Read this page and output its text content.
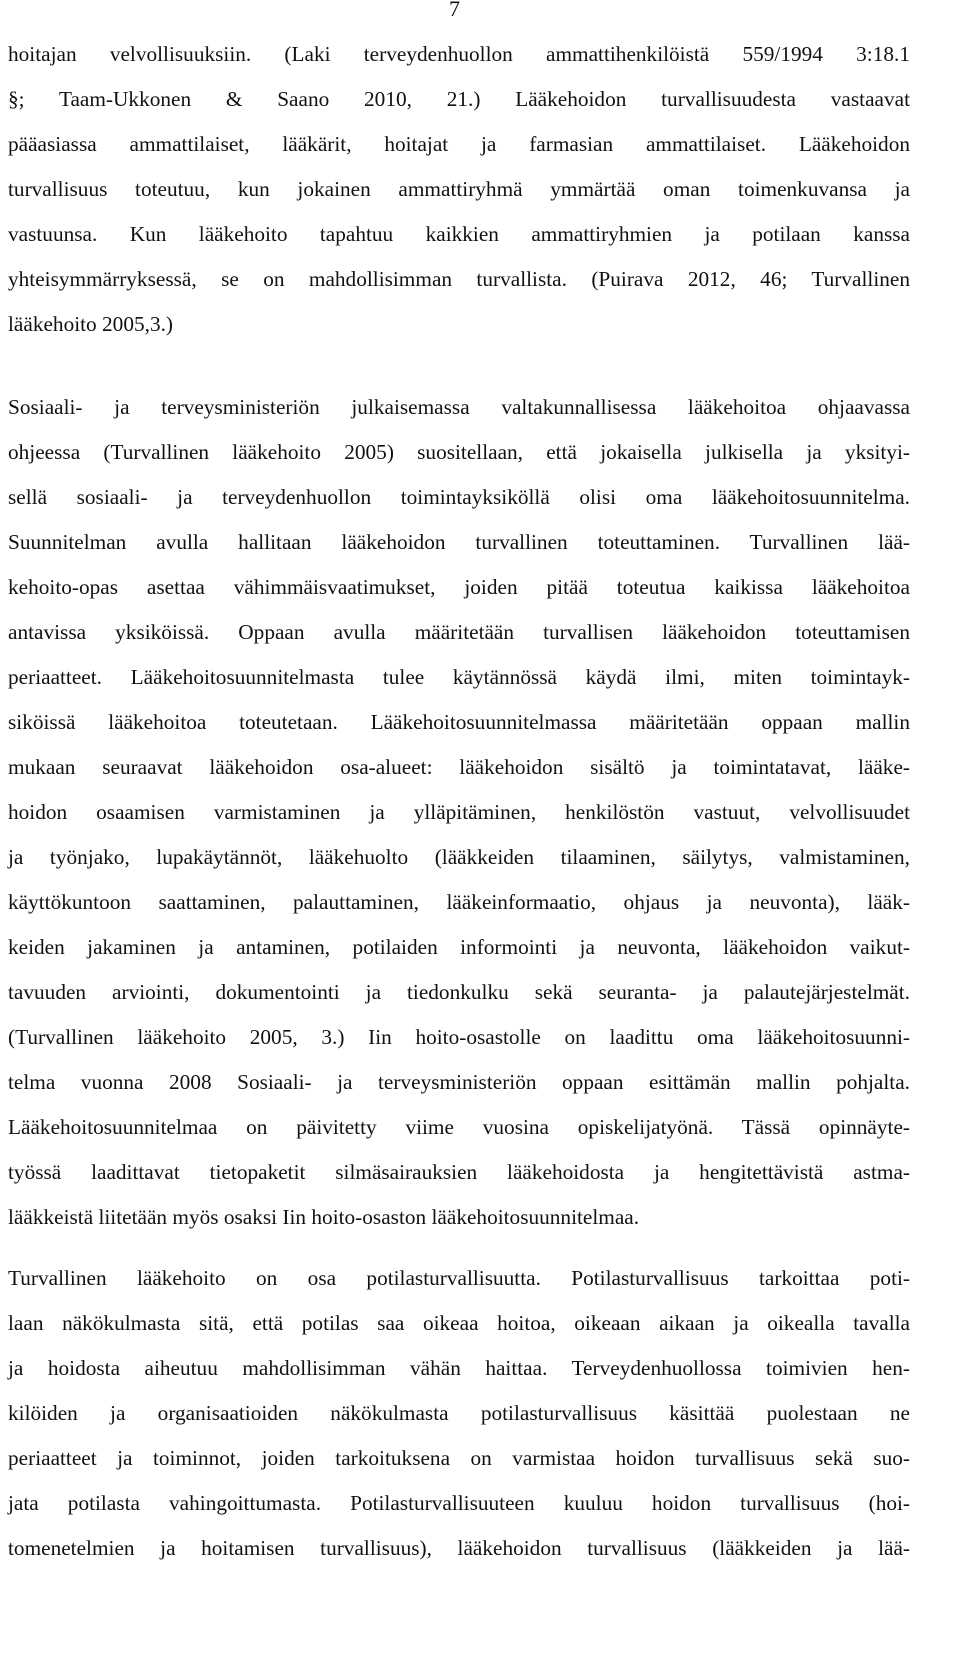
7
hoitajan velvollisuuksiin. (Laki terveydenhuollon ammattihenkilöistä 559/1994 3:18.1
§; Taam-Ukkonen & Saano 2010, 21.) Lääkehoidon turvallisuudesta vastaavat
pääasiassa ammattilaiset, lääkärit, hoitajat ja farmasian ammattilaiset. Lääkehoidon
turvallisuus toteutuu, kun jokainen ammattiryhmä ymmärtää oman toimenkuvansa ja
vastuunsa. Kun lääkehoito tapahtuu kaikkien ammattiryhmien ja potilaan kanssa
yhteisymmärryksessä, se on mahdollisimman turvallista. (Puirava 2012, 46; Turvallinen
lääkehoito 2005,3.)
Sosiaali- ja terveysministeriön julkaisemassa valtakunnallisessa lääkehoitoa ohjaavassa
ohjeessa (Turvallinen lääkehoito 2005) suositellaan, että jokaisella julkisella ja yksityi-
sellä sosiaali- ja terveydenhuollon toimintayksiköllä olisi oma lääkehoitosuunnitelma.
Suunnitelman avulla hallitaan lääkehoidon turvallinen toteuttaminen. Turvallinen lää-
kehoito-opas asettaa vähimmäisvaatimukset, joiden pitää toteutua kaikissa lääkehoitoa
antavissa yksiköissä. Oppaan avulla määritetään turvallisen lääkehoidon toteuttamisen
periaatteet. Lääkehoitosuunnitelmasta tulee käytännössä käydä ilmi, miten toimintayk-
siköissä lääkehoitoa toteutetaan. Lääkehoitosuunnitelmassa määritetään oppaan mallin
mukaan seuraavat lääkehoidon osa-alueet: lääkehoidon sisältö ja toimintatavat, lääke-
hoidon osaamisen varmistaminen ja ylläpitäminen, henkilöstön vastuut, velvollisuudet
ja työnjako, lupakäytännöt, lääkehuolto (lääkkeiden tilaaminen, säilytys, valmistaminen,
käyttökuntoon saattaminen, palauttaminen, lääkeinformaatio, ohjaus ja neuvonta), lääk-
keiden jakaminen ja antaminen, potilaiden informointi ja neuvonta, lääkehoidon vaikut-
tavuuden arviointi, dokumentointi ja tiedonkulku sekä seuranta- ja palautejärjestelmät.
(Turvallinen lääkehoito 2005, 3.) Iin hoito-osastolle on laadittu oma lääkehoitosuunni-
telma vuonna 2008 Sosiaali- ja terveysministeriön oppaan esittämän mallin pohjalta.
Lääkehoitosuunnitelmaa on päivitetty viime vuosina opiskelijatyönä. Tässä opinnäyte-
työssä laadittavat tietopaketit silmäsairauksien lääkehoidosta ja hengitettävistä astma-
lääkkeistä liitetään myös osaksi Iin hoito-osaston lääkehoitosuunnitelmaa.
Turvallinen lääkehoito on osa potilasturvallisuutta. Potilasturvallisuus tarkoittaa poti-
laan näkökulmasta sitä, että potilas saa oikeaa hoitoa, oikeaan aikaan ja oikealla tavalla
ja hoidosta aiheutuu mahdollisimman vähän haittaa. Terveydenhuollossa toimivien hen-
kilöiden ja organisaatioiden näkökulmasta potilasturvallisuus käsittää puolestaan ne
periaatteet ja toiminnot, joiden tarkoituksena on varmistaa hoidon turvallisuus sekä suo-
jata potilasta vahingoittumasta. Potilasturvallisuuteen kuuluu hoidon turvallisuus (hoi-
tomenetelmien ja hoitamisen turvallisuus), lääkehoidon turvallisuus (lääkkeiden ja lää-
